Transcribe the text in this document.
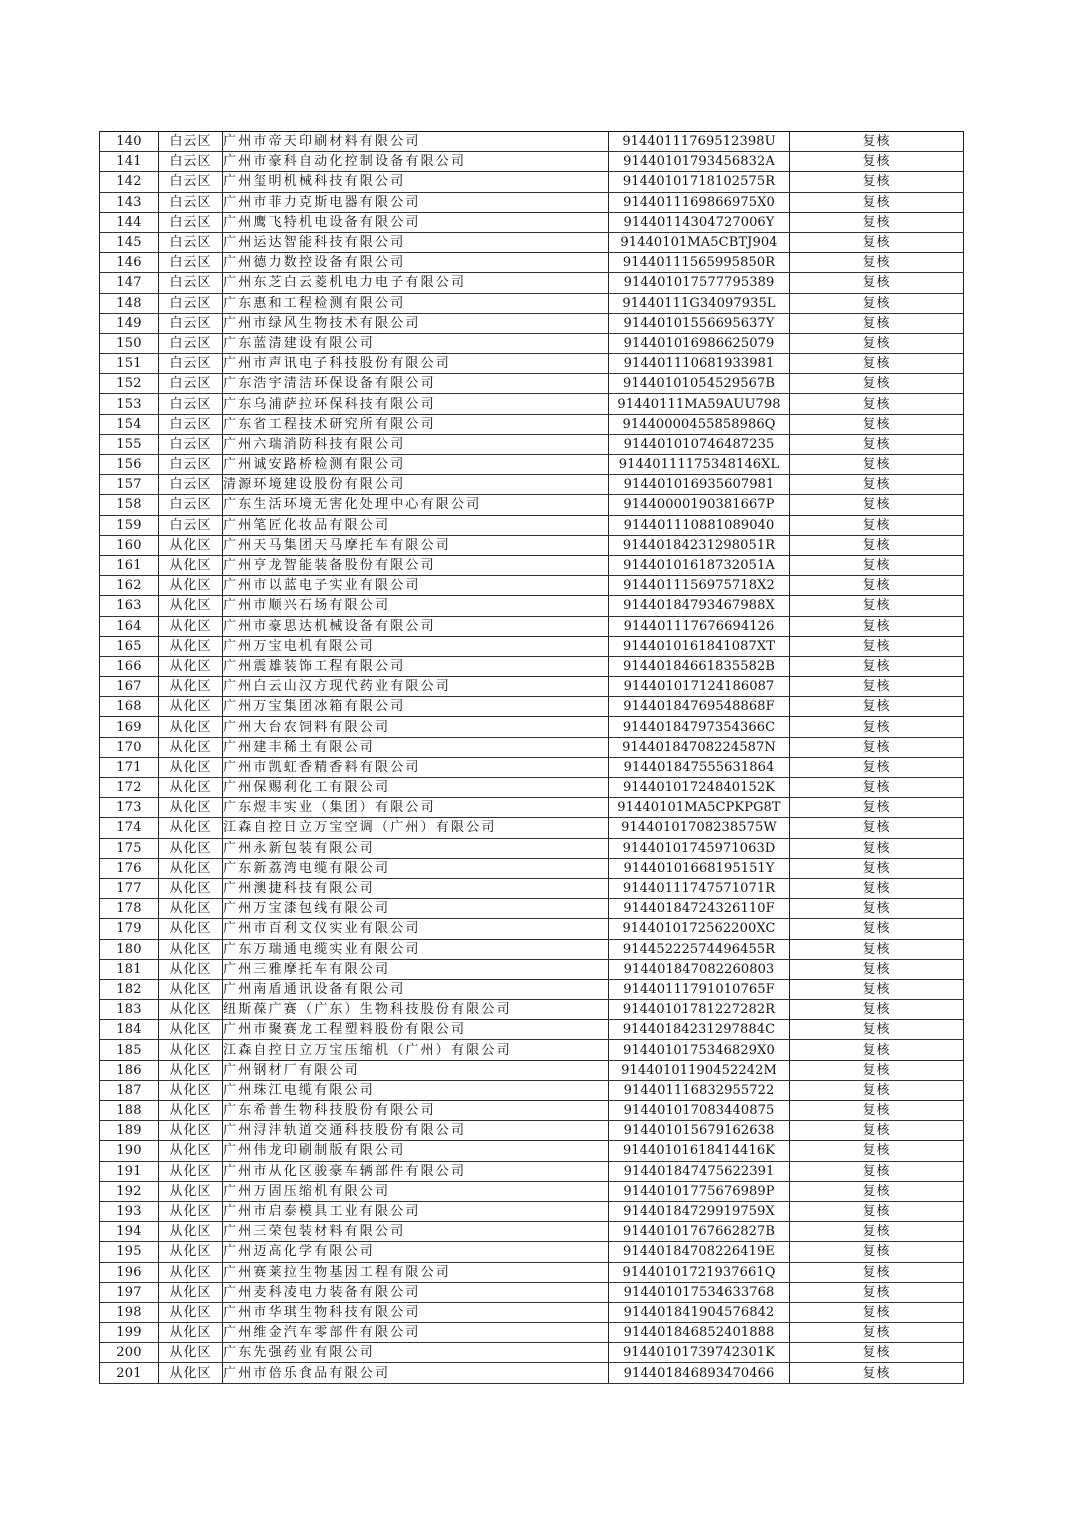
140	白云区	广州市帝天印刷材料有限公司	91440111769512398U	复核
141	白云区	广州市豪科自动化控制设备有限公司	914401017934568​32A	复核
142	白云区	广州玺明机械科技有限公司	91440101718102575R	复核
143	白云区	广州市菲力克斯电器有限公司	914401116986697​5X0	复核
144	白云区	广州鹰飞特机电设备有限公司	91440114304727006Y	复核
145	白云区	广州运达智能科技有限公司	91440101MA5CBTJ904	复核
146	白云区	广州德力数控设备有限公司	91440111565995850R	复核
147	白云区	广州东芝白云菱机电力电子有限公司	914401017577795389	复核
148	白云区	广东惠和工程检测有限公司	91440111G34097935L	复核
149	白云区	广州市绿风生物技术有限公司	91440101556695637Y	复核
150	白云区	广东蓝清建设有限公司	914401016986625079	复核
151	白云区	广州市声讯电子科技股份有限公司	914401110681933981	复核
152	白云区	广东浩宇清洁环保设备有限公司	91440101054529567B	复核
153	白云区	广东乌浦萨拉环保科技有限公司	91440111MA59AUU798	复核
154	白云区	广东省工程技术研究所有限公司	91440000455858986Q	复核
155	白云区	广州六瑞消防科技有限公司	914401010746487235	复核
156	白云区	广州诚安路桥检测有限公司	91440111175348146XL	复核
157	白云区	清源环境建设股份有限公司	914401016935607981	复核
158	白云区	广东生活环境无害化处理中心有限公司	91440000190381667P	复核
159	白云区	广州笔匠化妆品有限公司	914401110881089040	复核
160	从化区	广州天马集团天马摩托车有限公司	91440184231298051R	复核
161	从化区	广州亨龙智能装备股份有限公司	91440101618732051A	复核
162	从化区	广州市以蓝电子实业有限公司	91440111569757​18X2	复核
163	从化区	广州市顺兴石场有限公司	91440184793467988X	复核
164	从化区	广州市豪思达机械设备有限公司	914401117676694126	复核
165	从化区	广州万宝电机有限公司	91440101618410​87XT	复核
166	从化区	广州震雄装饰工程有限公司	91440184661835582B	复核
167	从化区	广州白云山汉方现代药业有限公司	914401017124186087	复核
168	从化区	广州万宝集团冰箱有限公司	91440184769548868F	复核
169	从化区	广州大台农饲料有限公司	91440184797354366C	复核
170	从化区	广州建丰稀土有限公司	91440184708224587N	复核
171	从化区	广州市凯虹香精香料有限公司	914401847555631864	复核
172	从化区	广州保赐利化工有限公司	91440101724840152K	复核
173	从化区	广东煜丰实业（集团）有限公司	91440101MA5CPKPG8T	复核
174	从化区	江森自控日立万宝空调（广州）有限公司	91440101708238575W	复核
175	从化区	广州永新包装有限公司	91440101745971063D	复核
176	从化区	广东新荔湾电缆有限公司	91440101668195151Y	复核
177	从化区	广州澳捷科技有限公司	91440111747571071R	复核
178	从化区	广州万宝漆包线有限公司	91440184724326110F	复核
179	从化区	广州市百利文仪实业有限公司	91440101725622​00XC	复核
180	从化区	广东万瑞通电缆实业有限公司	91445222574496455R	复核
181	从化区	广州三雅摩托车有限公司	914401847082260803	复核
182	从化区	广州南盾通讯设备有限公司	91440111791010765F	复核
183	从化区	纽斯葆广赛（广东）生物科技股份有限公司	91440101781227282R	复核
184	从化区	广州市聚赛龙工程塑料股份有限公司	91440184231297884C	复核
185	从化区	江森自控日立万宝压缩机（广州）有限公司	914401017534682​9X0	复核
186	从化区	广州钢材厂有限公司	91440101190452242M	复核
187	从化区	广州珠江电缆有限公司	914401116832955722	复核
188	从化区	广东希普生物科技股份有限公司	914401017083440875	复核
189	从化区	广州浔沣轨道交通科技股份有限公司	914401015679162638	复核
190	从化区	广州伟龙印刷制版有限公司	91440101618414416K	复核
191	从化区	广州市从化区骏豪车辆部件有限公司	914401847475622391	复核
192	从化区	广州万固压缩机有限公司	91440101775676989P	复核
193	从化区	广州市启泰模具工业有限公司	914401847299197​59X	复核
194	从化区	广州三荣包装材料有限公司	91440101767662827B	复核
195	从化区	广州迈高化学有限公司	91440184708226419E	复核
196	从化区	广州赛莱拉生物基因工程有限公司	91440101721937661Q	复核
197	从化区	广州麦科凌电力装备有限公司	914401017534633768	复核
198	从化区	广州市华琪生物科技有限公司	914401841904576842	复核
199	从化区	广州维金汽车零部件有限公司	914401846852401888	复核
200	从化区	广东先强药业有限公司	91440101739742301K	复核
201	从化区	广州市倍乐食品有限公司	914401846893470466	复核
